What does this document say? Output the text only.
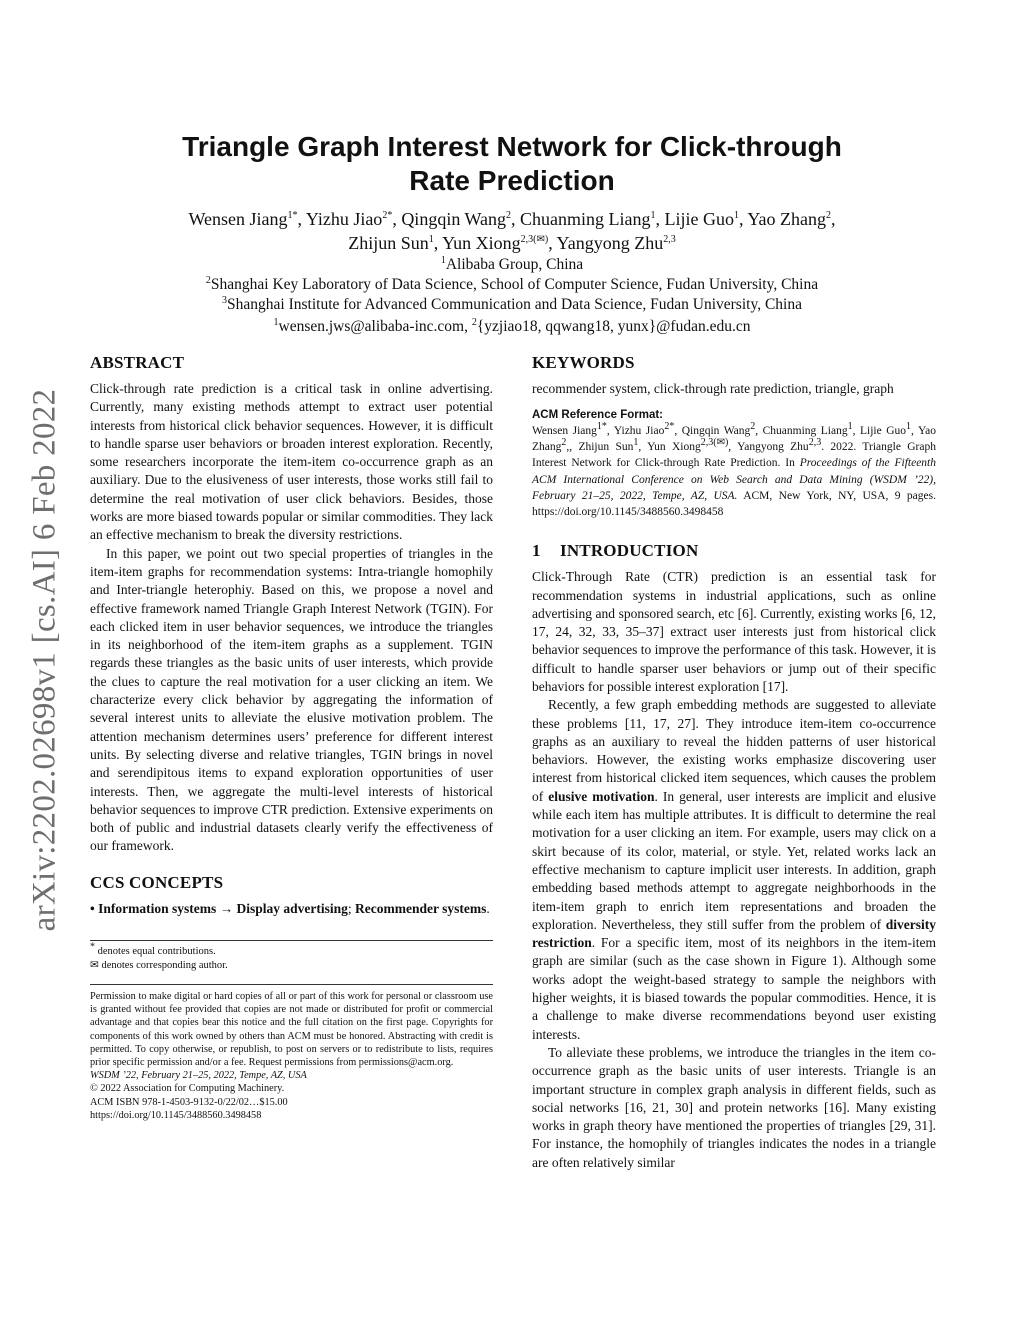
arXiv:2202.02698v1 [cs.AI] 6 Feb 2022
Triangle Graph Interest Network for Click-through
Rate Prediction
Wensen Jiang$^{1*}$, Yizhu Jiao$^{2*}$, Qingqin Wang$^2$, Chuanming Liang$^1$, Lijie Guo$^1$, Yao Zhang$^2$,
Zhijun Sun$^1$, Yun Xiong$^{2,3(✉)}$, Yangyong Zhu$^{2,3}$
$^1$Alibaba Group, China
$^2$Shanghai Key Laboratory of Data Science, School of Computer Science, Fudan University, China
$^3$Shanghai Institute for Advanced Communication and Data Science, Fudan University, China
$^1$wensen.jws@alibaba-inc.com, $^2${yzjiao18, qqwang18, yunx}@fudan.edu.cn
ABSTRACT

Click-through rate prediction is a critical task in online advertising. Currently, many existing methods attempt to extract user potential interests from historical click behavior sequences. However, it is difficult to handle sparse user behaviors or broaden interest exploration. Recently, some researchers incorporate the item-item co-occurrence graph as an auxiliary. Due to the elusiveness of user interests, those works still fail to determine the real motivation of user click behaviors. Besides, those works are more biased towards popular or similar commodities. They lack an effective mechanism to break the diversity restrictions.

In this paper, we point out two special properties of triangles in the item-item graphs for recommendation systems: Intra-triangle homophily and Inter-triangle heterophiy. Based on this, we propose a novel and effective framework named Triangle Graph Interest Network (TGIN). For each clicked item in user behavior sequences, we introduce the triangles in its neighborhood of the item-item graphs as a supplement. TGIN regards these triangles as the basic units of user interests, which provide the clues to capture the real motivation for a user clicking an item. We characterize every click behavior by aggregating the information of several interest units to alleviate the elusive motivation problem. The attention mechanism determines users’ preference for different interest units. By selecting diverse and relative triangles, TGIN brings in novel and serendipitous items to expand exploration opportunities of user interests. Then, we aggregate the multi-level interests of historical behavior sequences to improve CTR prediction. Extensive experiments on both of public and industrial datasets clearly verify the effectiveness of our framework.

CCS CONCEPTS
• Information systems → Display advertising; Recommender systems.
* denotes equal contributions.
✉ denotes corresponding author.
Permission to make digital or hard copies of all or part of this work for personal or classroom use is granted without fee provided that copies are not made or distributed for profit or commercial advantage and that copies bear this notice and the full citation on the first page. Copyrights for components of this work owned by others than ACM must be honored. Abstracting with credit is permitted. To copy otherwise, or republish, to post on servers or to redistribute to lists, requires prior specific permission and/or a fee. Request permissions from permissions@acm.org.
WSDM ’22, February 21–25, 2022, Tempe, AZ, USA
© 2022 Association for Computing Machinery.
ACM ISBN 978-1-4503-9132-0/22/02…$15.00
https://doi.org/10.1145/3488560.3498458
KEYWORDS
recommender system, click-through rate prediction, triangle, graph
ACM Reference Format:
Wensen Jiang$^{1*}$, Yizhu Jiao$^{2*}$, Qingqin Wang$^2$, Chuanming Liang$^1$, Lijie Guo$^1$, Yao Zhang$^2$,, Zhijun Sun$^1$, Yun Xiong$^{2,3(✉)}$, Yangyong Zhu$^{2,3}$. 2022. Triangle Graph Interest Network for Click-through Rate Prediction. In Proceedings of the Fifteenth ACM International Conference on Web Search and Data Mining (WSDM ’22), February 21–25, 2022, Tempe, AZ, USA. ACM, New York, NY, USA, 9 pages. https://doi.org/10.1145/3488560.3498458
1 INTRODUCTION

Click-Through Rate (CTR) prediction is an essential task for recommendation systems in industrial applications, such as online advertising and sponsored search, etc [6]. Currently, existing works [6, 12, 17, 24, 32, 33, 35–37] extract user interests just from historical click behavior sequences to improve the performance of this task. However, it is difficult to handle sparser user behaviors or jump out of their specific behaviors for possible interest exploration [17].

Recently, a few graph embedding methods are suggested to alleviate these problems [11, 17, 27]. They introduce item-item co-occurrence graphs as an auxiliary to reveal the hidden patterns of user historical behaviors. However, the existing works emphasize discovering user interest from historical clicked item sequences, which causes the problem of elusive motivation. In general, user interests are implicit and elusive while each item has multiple attributes. It is difficult to determine the real motivation for a user clicking an item. For example, users may click on a skirt because of its color, material, or style. Yet, related works lack an effective mechanism to capture implicit user interests. In addition, graph embedding based methods attempt to aggregate neighborhoods in the item-item graph to enrich item representations and broaden the exploration. Nevertheless, they still suffer from the problem of diversity restriction. For a specific item, most of its neighbors in the item-item graph are similar (such as the case shown in Figure 1). Although some works adopt the weight-based strategy to sample the neighbors with higher weights, it is biased towards the popular commodities. Hence, it is a challenge to make diverse recommendations beyond user existing interests.

To alleviate these problems, we introduce the triangles in the item co-occurrence graph as the basic units of user interests. Triangle is an important structure in complex graph analysis in different fields, such as social networks [16, 21, 30] and protein networks [16]. Many existing works in graph theory have mentioned the properties of triangles [29, 31]. For instance, the homophily of triangles indicates the nodes in a triangle are often relatively similar
